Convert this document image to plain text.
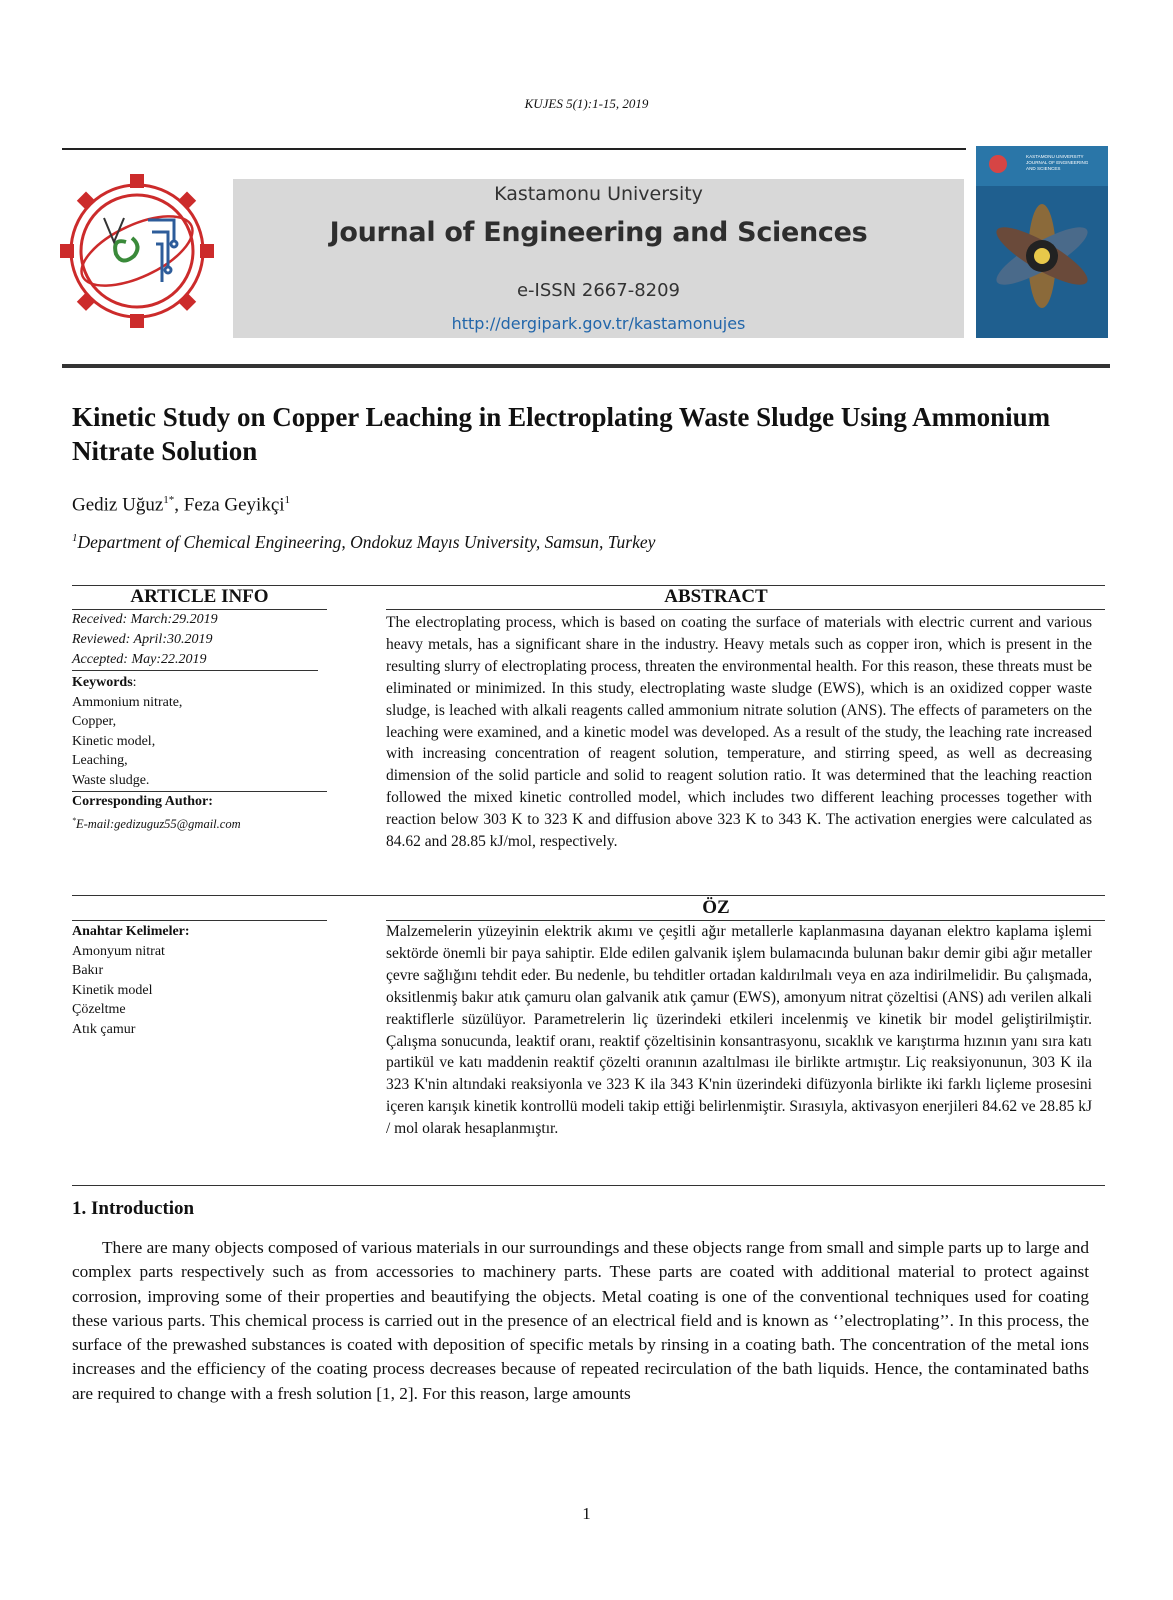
KUJES 5(1):1-15, 2019
Kastamonu University
Journal of Engineering and Sciences
e-ISSN 2667-8209
http://dergipark.gov.tr/kastamonujes
KASTAMONU UNIVERSITY
JOURNAL OF ENGINEERING
AND SCIENCES
Kinetic Study on Copper Leaching in Electroplating Waste Sludge Using Ammonium Nitrate Solution
Gediz Uğuz$^{1*}$, Feza Geyikçi$^1$
$^1$Department of Chemical Engineering, Ondokuz Mayıs University, Samsun, Turkey
ARTICLE INFO	ABSTRACT
Received: March:29.2019
Reviewed: April:30.2019
Accepted: May:22.2019
Keywords:
Ammonium nitrate,
Copper,
Kinetic model,
Leaching,
Waste sludge.
Corresponding Author:
*E-mail:gedizuguz55@gmail.com
The electroplating process, which is based on coating the surface of materials with electric current and various heavy metals, has a significant share in the industry. Heavy metals such as copper iron, which is present in the resulting slurry of electroplating process, threaten the environmental health. For this reason, these threats must be eliminated or minimized. In this study, electroplating waste sludge (EWS), which is an oxidized copper waste sludge, is leached with alkali reagents called ammonium nitrate solution (ANS). The effects of parameters on the leaching were examined, and a kinetic model was developed. As a result of the study, the leaching rate increased with increasing concentration of reagent solution, temperature, and stirring speed, as well as decreasing dimension of the solid particle and solid to reagent solution ratio. It was determined that the leaching reaction followed the mixed kinetic controlled model, which includes two different leaching processes together with reaction below 303 K to 323 K and diffusion above 323 K to 343 K. The activation energies were calculated as 84.62 and 28.85 kJ/mol, respectively.
ÖZ
Anahtar Kelimeler:
Amonyum nitrat
Bakır
Kinetik model
Çözeltme
Atık çamur
Malzemelerin yüzeyinin elektrik akımı ve çeşitli ağır metallerle kaplanmasına dayanan elektro kaplama işlemi sektörde önemli bir paya sahiptir. Elde edilen galvanik işlem bulamacında bulunan bakır demir gibi ağır metaller çevre sağlığını tehdit eder. Bu nedenle, bu tehditler ortadan kaldırılmalı veya en aza indirilmelidir. Bu çalışmada, oksitlenmiş bakır atık çamuru olan galvanik atık çamur (EWS), amonyum nitrat çözeltisi (ANS) adı verilen alkali reaktiflerle süzülüyor. Parametrelerin liç üzerindeki etkileri incelenmiş ve kinetik bir model geliştirilmiştir. Çalışma sonucunda, leaktif oranı, reaktif çözeltisinin konsantrasyonu, sıcaklık ve karıştırma hızının yanı sıra katı partikül ve katı maddenin reaktif çözelti oranının azaltılması ile birlikte artmıştır. Liç reaksiyonunun, 303 K ila 323 K'nin altındaki reaksiyonla ve 323 K ila 343 K'nin üzerindeki difüzyonla birlikte iki farklı liçleme prosesini içeren karışık kinetik kontrollü modeli takip ettiği belirlenmiştir. Sırasıyla, aktivasyon enerjileri 84.62 ve 28.85 kJ / mol olarak hesaplanmıştır.
1. Introduction

There are many objects composed of various materials in our surroundings and these objects range from small and simple parts up to large and complex parts respectively such as from accessories to machinery parts. These parts are coated with additional material to protect against corrosion, improving some of their properties and beautifying the objects. Metal coating is one of the conventional techniques used for coating these various parts. This chemical process is carried out in the presence of an electrical field and is known as ‘’electroplating’’. In this process, the surface of the prewashed substances is coated with deposition of specific metals by rinsing in a coating bath. The concentration of the metal ions increases and the efficiency of the coating process decreases because of repeated recirculation of the bath liquids. Hence, the contaminated baths are required to change with a fresh solution [1, 2]. For this reason, large amounts

1
